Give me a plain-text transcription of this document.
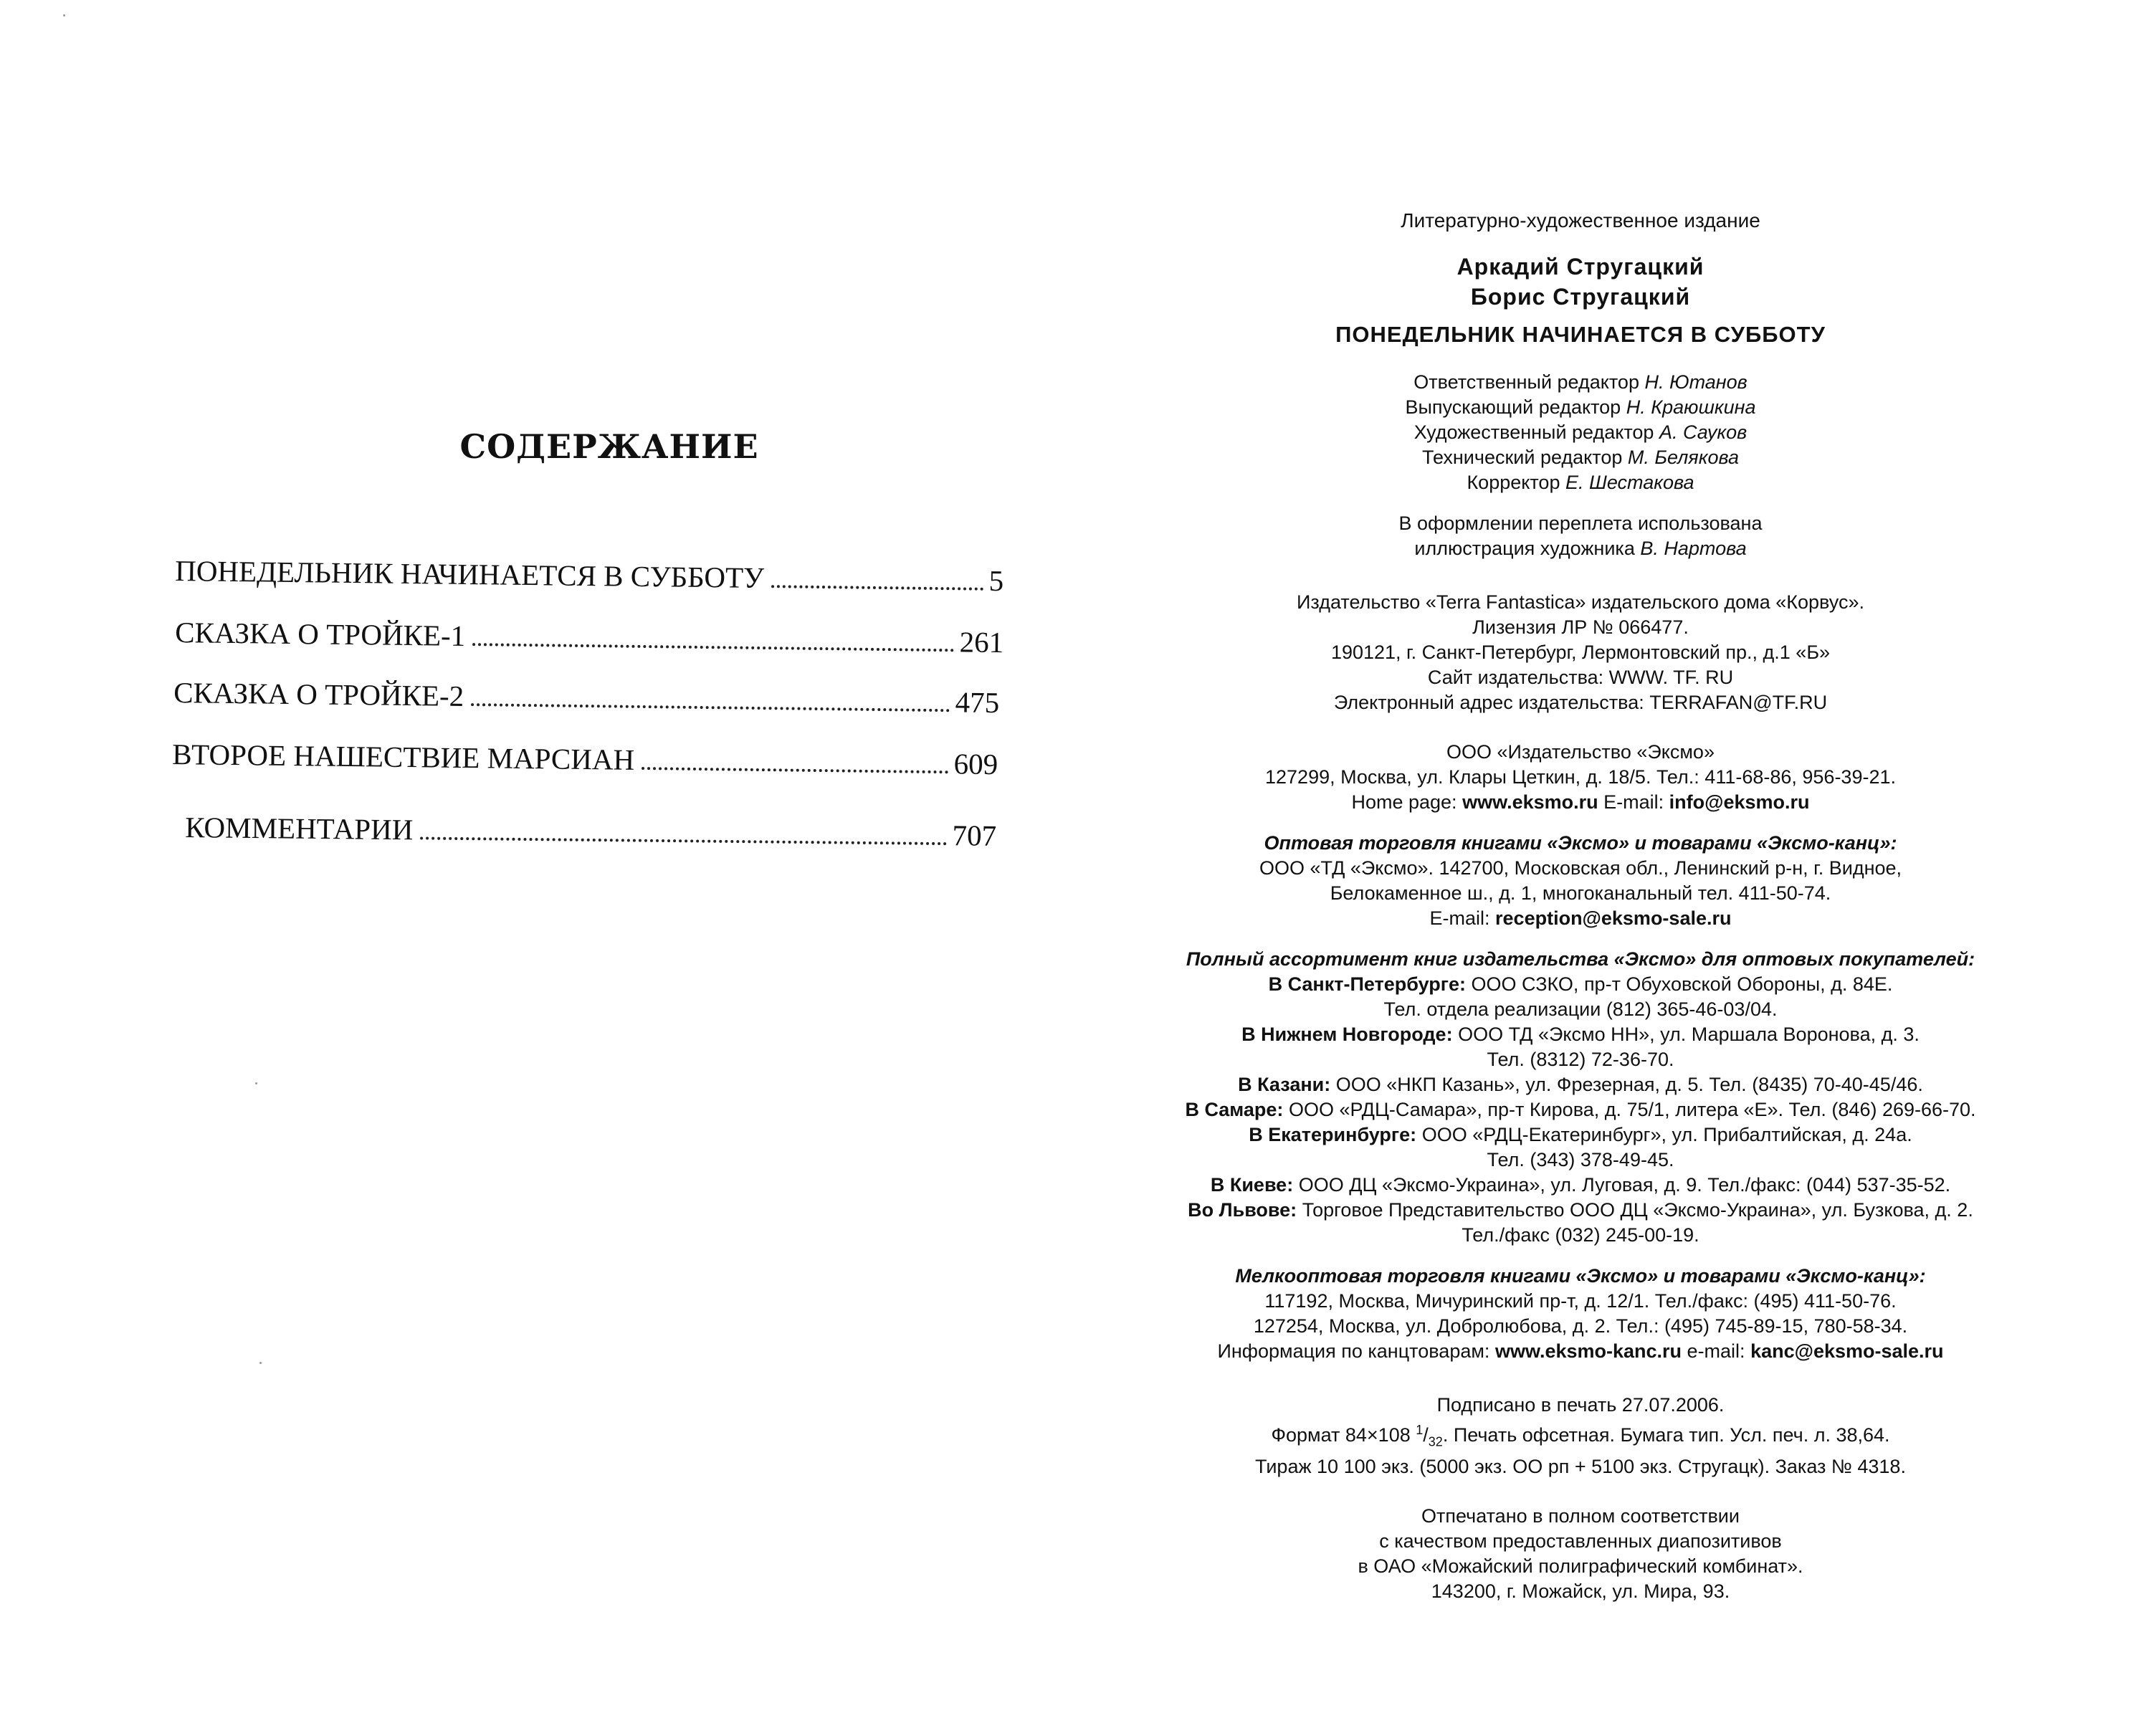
СОДЕРЖАНИЕ
ПОНЕДЕЛЬНИК НАЧИНАЕТСЯ В СУББОТУ	5
СКАЗКА О ТРОЙКЕ-1	261
СКАЗКА О ТРОЙКЕ-2	475
ВТОРОЕ НАШЕСТВИЕ МАРСИАН	609
КОММЕНТАРИИ	707

Литературно-художественное издание

Аркадий Стругацкий

Борис Стругацкий

ПОНЕДЕЛЬНИК НАЧИНАЕТСЯ В СУББОТУ

Ответственный редактор Н. Ютанов

Выпускающий редактор Н. Краюшкина

Художественный редактор А. Сауков

Технический редактор М. Белякова

Корректор Е. Шестакова

В оформлении переплета использована

иллюстрация художника В. Нартова

Издательство «Terra Fantastica» издательского дома «Корвус».

Лизензия ЛР № 066477.

190121, г. Санкт-Петербург, Лермонтовский пр., д.1 «Б»

Сайт издательства: WWW. TF. RU

Электронный адрес издательства: TERRAFAN@TF.RU

ООО «Издательство «Эксмо»

127299, Москва, ул. Клары Цеткин, д. 18/5. Тел.: 411-68-86, 956-39-21.

Home page: www.eksmo.ru E-mail: info@eksmo.ru

Оптовая торговля книгами «Эксмо» и товарами «Эксмо-канц»:

ООО «ТД «Эксмо». 142700, Московская обл., Ленинский р-н, г. Видное,

Белокаменное ш., д. 1, многоканальный тел. 411-50-74.

E-mail: reception@eksmo-sale.ru

Полный ассортимент книг издательства «Эксмо» для оптовых покупателей:

В Санкт-Петербурге: ООО СЗКО, пр-т Обуховской Обороны, д. 84Е.

Тел. отдела реализации (812) 365-46-03/04.

В Нижнем Новгороде: ООО ТД «Эксмо НН», ул. Маршала Воронова, д. 3.

Тел. (8312) 72-36-70.

В Казани: ООО «НКП Казань», ул. Фрезерная, д. 5. Тел. (8435) 70-40-45/46.

В Самаре: ООО «РДЦ-Самара», пр-т Кирова, д. 75/1, литера «Е». Тел. (846) 269-66-70.

В Екатеринбурге: ООО «РДЦ-Екатеринбург», ул. Прибалтийская, д. 24а.

Тел. (343) 378-49-45.

В Киеве: ООО ДЦ «Эксмо-Украина», ул. Луговая, д. 9. Тел./факс: (044) 537-35-52.

Во Львове: Торговое Представительство ООО ДЦ «Эксмо-Украина», ул. Бузкова, д. 2.

Тел./факс (032) 245-00-19.

Мелкооптовая торговля книгами «Эксмо» и товарами «Эксмо-канц»:

117192, Москва, Мичуринский пр-т, д. 12/1. Тел./факс: (495) 411-50-76.

127254, Москва, ул. Добролюбова, д. 2. Тел.: (495) 745-89-15, 780-58-34.

Информация по канцтоварам: www.eksmo-kanc.ru e-mail: kanc@eksmo-sale.ru

Подписано в печать 27.07.2006.

Формат 84×108 $^1/_{32}$. Печать офсетная. Бумага тип. Усл. печ. л. 38,64.

Тираж 10 100 экз. (5000 экз. ОО рп + 5100 экз. Стругацк). Заказ № 4318.

Отпечатано в полном соответствии

с качеством предоставленных диапозитивов

в ОАО «Можайский полиграфический комбинат».

143200, г. Можайск, ул. Мира, 93.
